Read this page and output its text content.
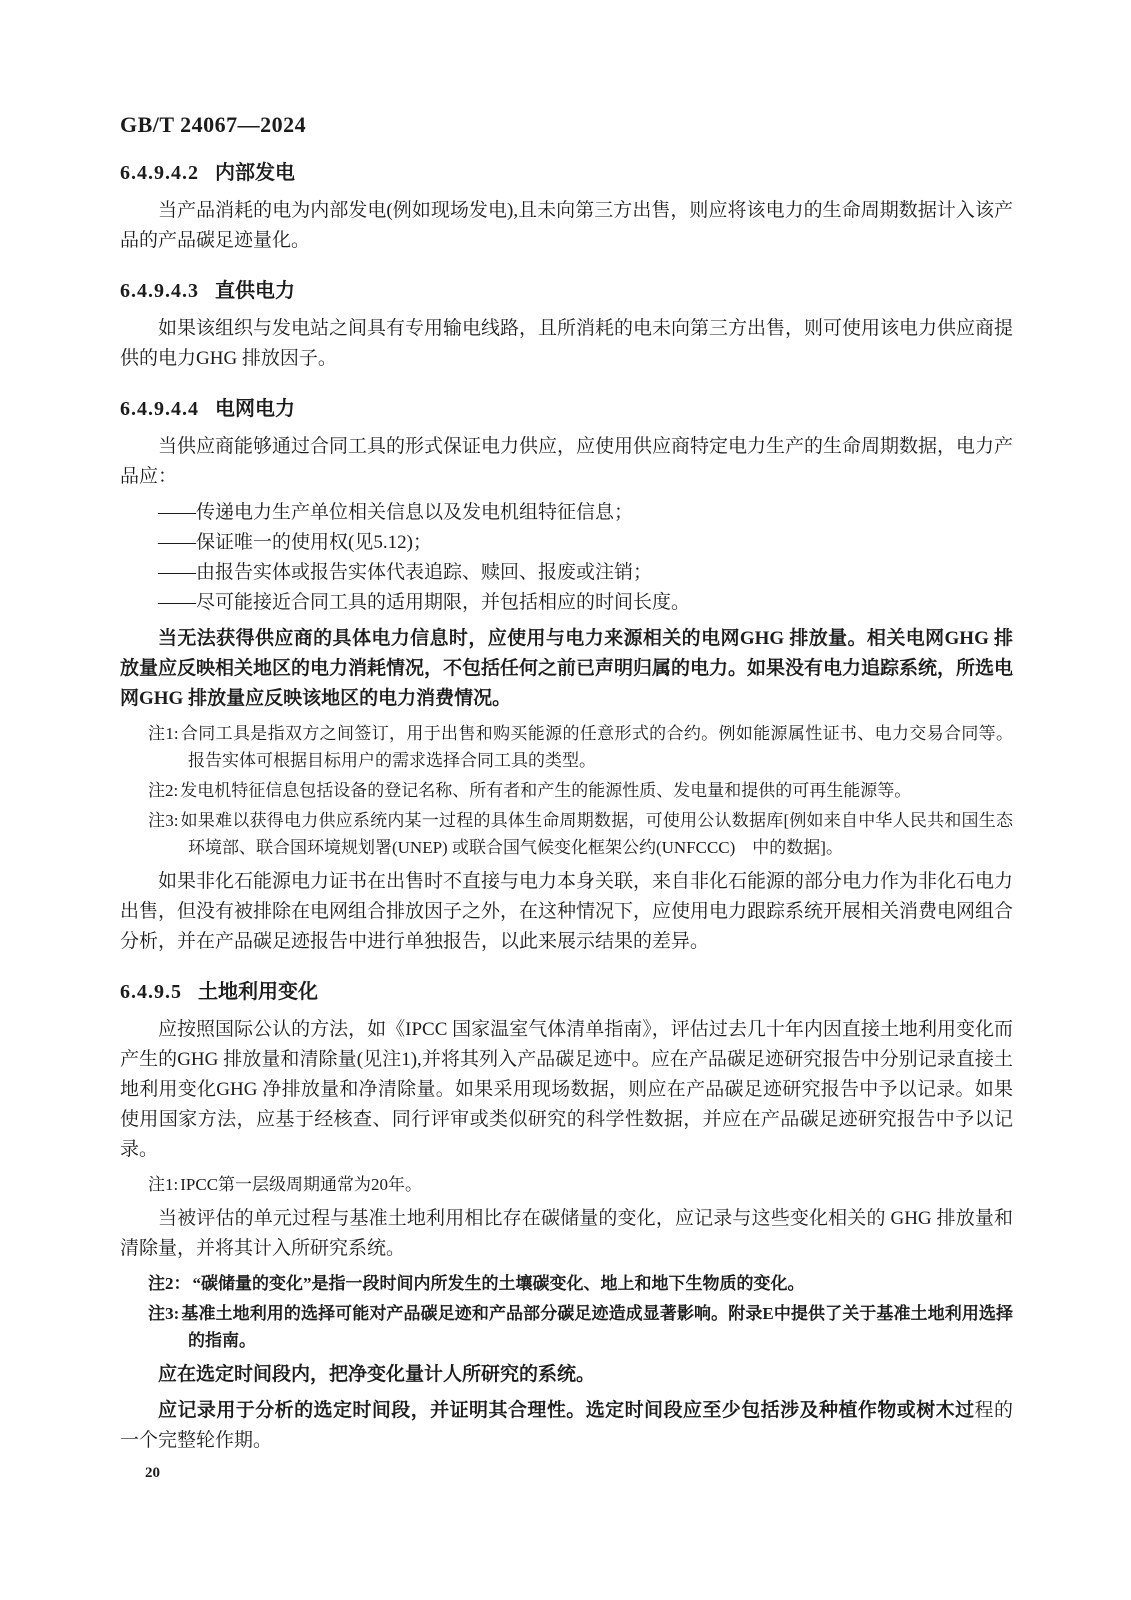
GB/T 24067—2024
6.4.9.4.2 内部发电

当产品消耗的电为内部发电(例如现场发电),且未向第三方出售，则应将该电力的生命周期数据计入该产品的产品碳足迹量化。

6.4.9.4.3 直供电力

如果该组织与发电站之间具有专用输电线路，且所消耗的电未向第三方出售，则可使用该电力供应商提供的电力GHG 排放因子。

6.4.9.4.4 电网电力

当供应商能够通过合同工具的形式保证电力供应，应使用供应商特定电力生产的生命周期数据，电力产品应：

——传递电力生产单位相关信息以及发电机组特征信息；
——保证唯一的使用权(见5.12)；
——由报告实体或报告实体代表追踪、赎回、报废或注销；
——尽可能接近合同工具的适用期限，并包括相应的时间长度。

当无法获得供应商的具体电力信息时，应使用与电力来源相关的电网GHG 排放量。相关电网GHG 排放量应反映相关地区的电力消耗情况，不包括任何之前已声明归属的电力。如果没有电力追踪系统，所选电网GHG 排放量应反映该地区的电力消费情况。

注1: 合同工具是指双方之间签订，用于出售和购买能源的任意形式的合约。例如能源属性证书、电力交易合同等。报告实体可根据目标用户的需求选择合同工具的类型。
注2: 发电机特征信息包括设备的登记名称、所有者和产生的能源性质、发电量和提供的可再生能源等。
注3: 如果难以获得电力供应系统内某一过程的具体生命周期数据，可使用公认数据库[例如来自中华人民共和国生态环境部、联合国环境规划署(UNEP) 或联合国气候变化框架公约(UNFCCC)　中的数据]。

如果非化石能源电力证书在出售时不直接与电力本身关联，来自非化石能源的部分电力作为非化石电力出售，但没有被排除在电网组合排放因子之外，在这种情况下，应使用电力跟踪系统开展相关消费电网组合分析，并在产品碳足迹报告中进行单独报告，以此来展示结果的差异。

6.4.9.5 土地利用变化

应按照国际公认的方法，如《IPCC 国家温室气体清单指南》，评估过去几十年内因直接土地利用变化而产生的GHG 排放量和清除量(见注1),并将其列入产品碳足迹中。应在产品碳足迹研究报告中分别记录直接土地利用变化GHG 净排放量和净清除量。如果采用现场数据，则应在产品碳足迹研究报告中予以记录。如果使用国家方法，应基于经核查、同行评审或类似研究的科学性数据，并应在产品碳足迹研究报告中予以记录。

注1: IPCC第一层级周期通常为20年。

当被评估的单元过程与基准土地利用相比存在碳储量的变化，应记录与这些变化相关的 GHG 排放量和清除量，并将其计入所研究系统。

注2： “碳储量的变化”是指一段时间内所发生的土壤碳变化、地上和地下生物质的变化。
注3: 基准土地利用的选择可能对产品碳足迹和产品部分碳足迹造成显著影响。附录E中提供了关于基准土地利用选择的指南。

应在选定时间段内，把净变化量计人所研究的系统。

应记录用于分析的选定时间段，并证明其合理性。选定时间段应至少包括涉及种植作物或树木过程的一个完整轮作期。

20
